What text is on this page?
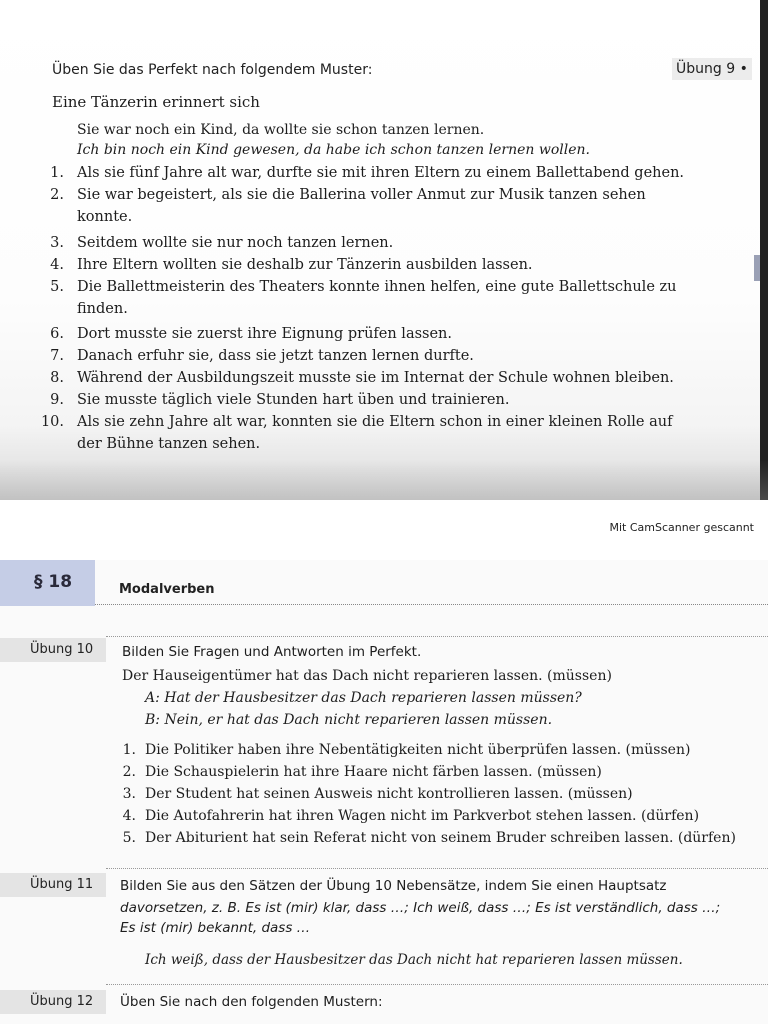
Üben Sie das Perfekt nach folgendem Muster:	Übung 9 •
Eine Tänzerin erinnert sich
Sie war noch ein Kind, da wollte sie schon tanzen lernen.
Ich bin noch ein Kind gewesen, da habe ich schon tanzen lernen wollen.
1. Als sie fünf Jahre alt war, durfte sie mit ihren Eltern zu einem Ballettabend gehen.
2. Sie war begeistert, als sie die Ballerina voller Anmut zur Musik tanzen sehen
konnte.
3. Seitdem wollte sie nur noch tanzen lernen.
4. Ihre Eltern wollten sie deshalb zur Tänzerin ausbilden lassen.
5. Die Ballettmeisterin des Theaters konnte ihnen helfen, eine gute Ballettschule zu
finden.
6. Dort musste sie zuerst ihre Eignung prüfen lassen.
7. Danach erfuhr sie, dass sie jetzt tanzen lernen durfte.
8. Während der Ausbildungszeit musste sie im Internat der Schule wohnen bleiben.
9. Sie musste täglich viele Stunden hart üben und trainieren.
10. Als sie zehn Jahre alt war, konnten sie die Eltern schon in einer kleinen Rolle auf
der Bühne tanzen sehen.
Mit CamScanner gescannt
§ 18	Modalverben
Übung 10	Bilden Sie Fragen und Antworten im Perfekt.
Der Hauseigentümer hat das Dach nicht reparieren lassen. (müssen)
A: Hat der Hausbesitzer das Dach reparieren lassen müssen?
B: Nein, er hat das Dach nicht reparieren lassen müssen.
1. Die Politiker haben ihre Nebentätigkeiten nicht überprüfen lassen. (müssen)
2. Die Schauspielerin hat ihre Haare nicht färben lassen. (müssen)
3. Der Student hat seinen Ausweis nicht kontrollieren lassen. (müssen)
4. Die Autofahrerin hat ihren Wagen nicht im Parkverbot stehen lassen. (dürfen)
5. Der Abiturient hat sein Referat nicht von seinem Bruder schreiben lassen. (dürfen)
Übung 11	Bilden Sie aus den Sätzen der Übung 10 Nebensätze, indem Sie einen Hauptsatz
davorsetzen, z. B. Es ist (mir) klar, dass …; Ich weiß, dass …; Es ist verständlich, dass …;
Es ist (mir) bekannt, dass …
Ich weiß, dass der Hausbesitzer das Dach nicht hat reparieren lassen müssen.
Übung 12	Üben Sie nach den folgenden Mustern:
